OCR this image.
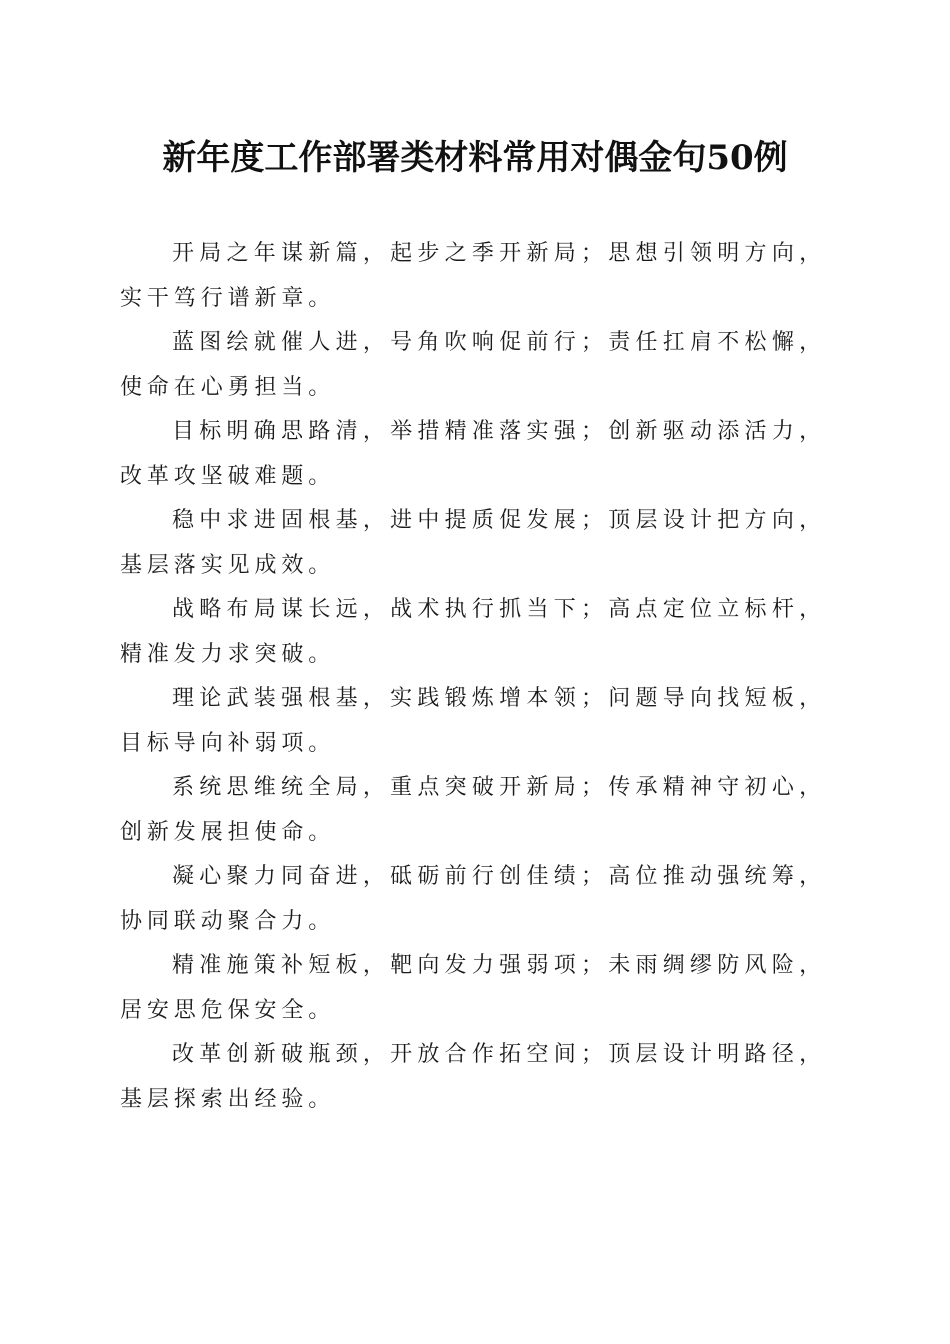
新年度工作部署类材料常用对偶金句50例

开局之年谋新篇，起步之季开新局；思想引领明方向，实干笃行谱新章。

蓝图绘就催人进，号角吹响促前行；责任扛肩不松懈，使命在心勇担当。

目标明确思路清，举措精准落实强；创新驱动添活力，改革攻坚破难题。

稳中求进固根基，进中提质促发展；顶层设计把方向，基层落实见成效。

战略布局谋长远，战术执行抓当下；高点定位立标杆，精准发力求突破。

理论武装强根基，实践锻炼增本领；问题导向找短板，目标导向补弱项。

系统思维统全局，重点突破开新局；传承精神守初心，创新发展担使命。

凝心聚力同奋进，砥砺前行创佳绩；高位推动强统筹，协同联动聚合力。

精准施策补短板，靶向发力强弱项；未雨绸缪防风险，居安思危保安全。

改革创新破瓶颈，开放合作拓空间；顶层设计明路径，基层探索出经验。
